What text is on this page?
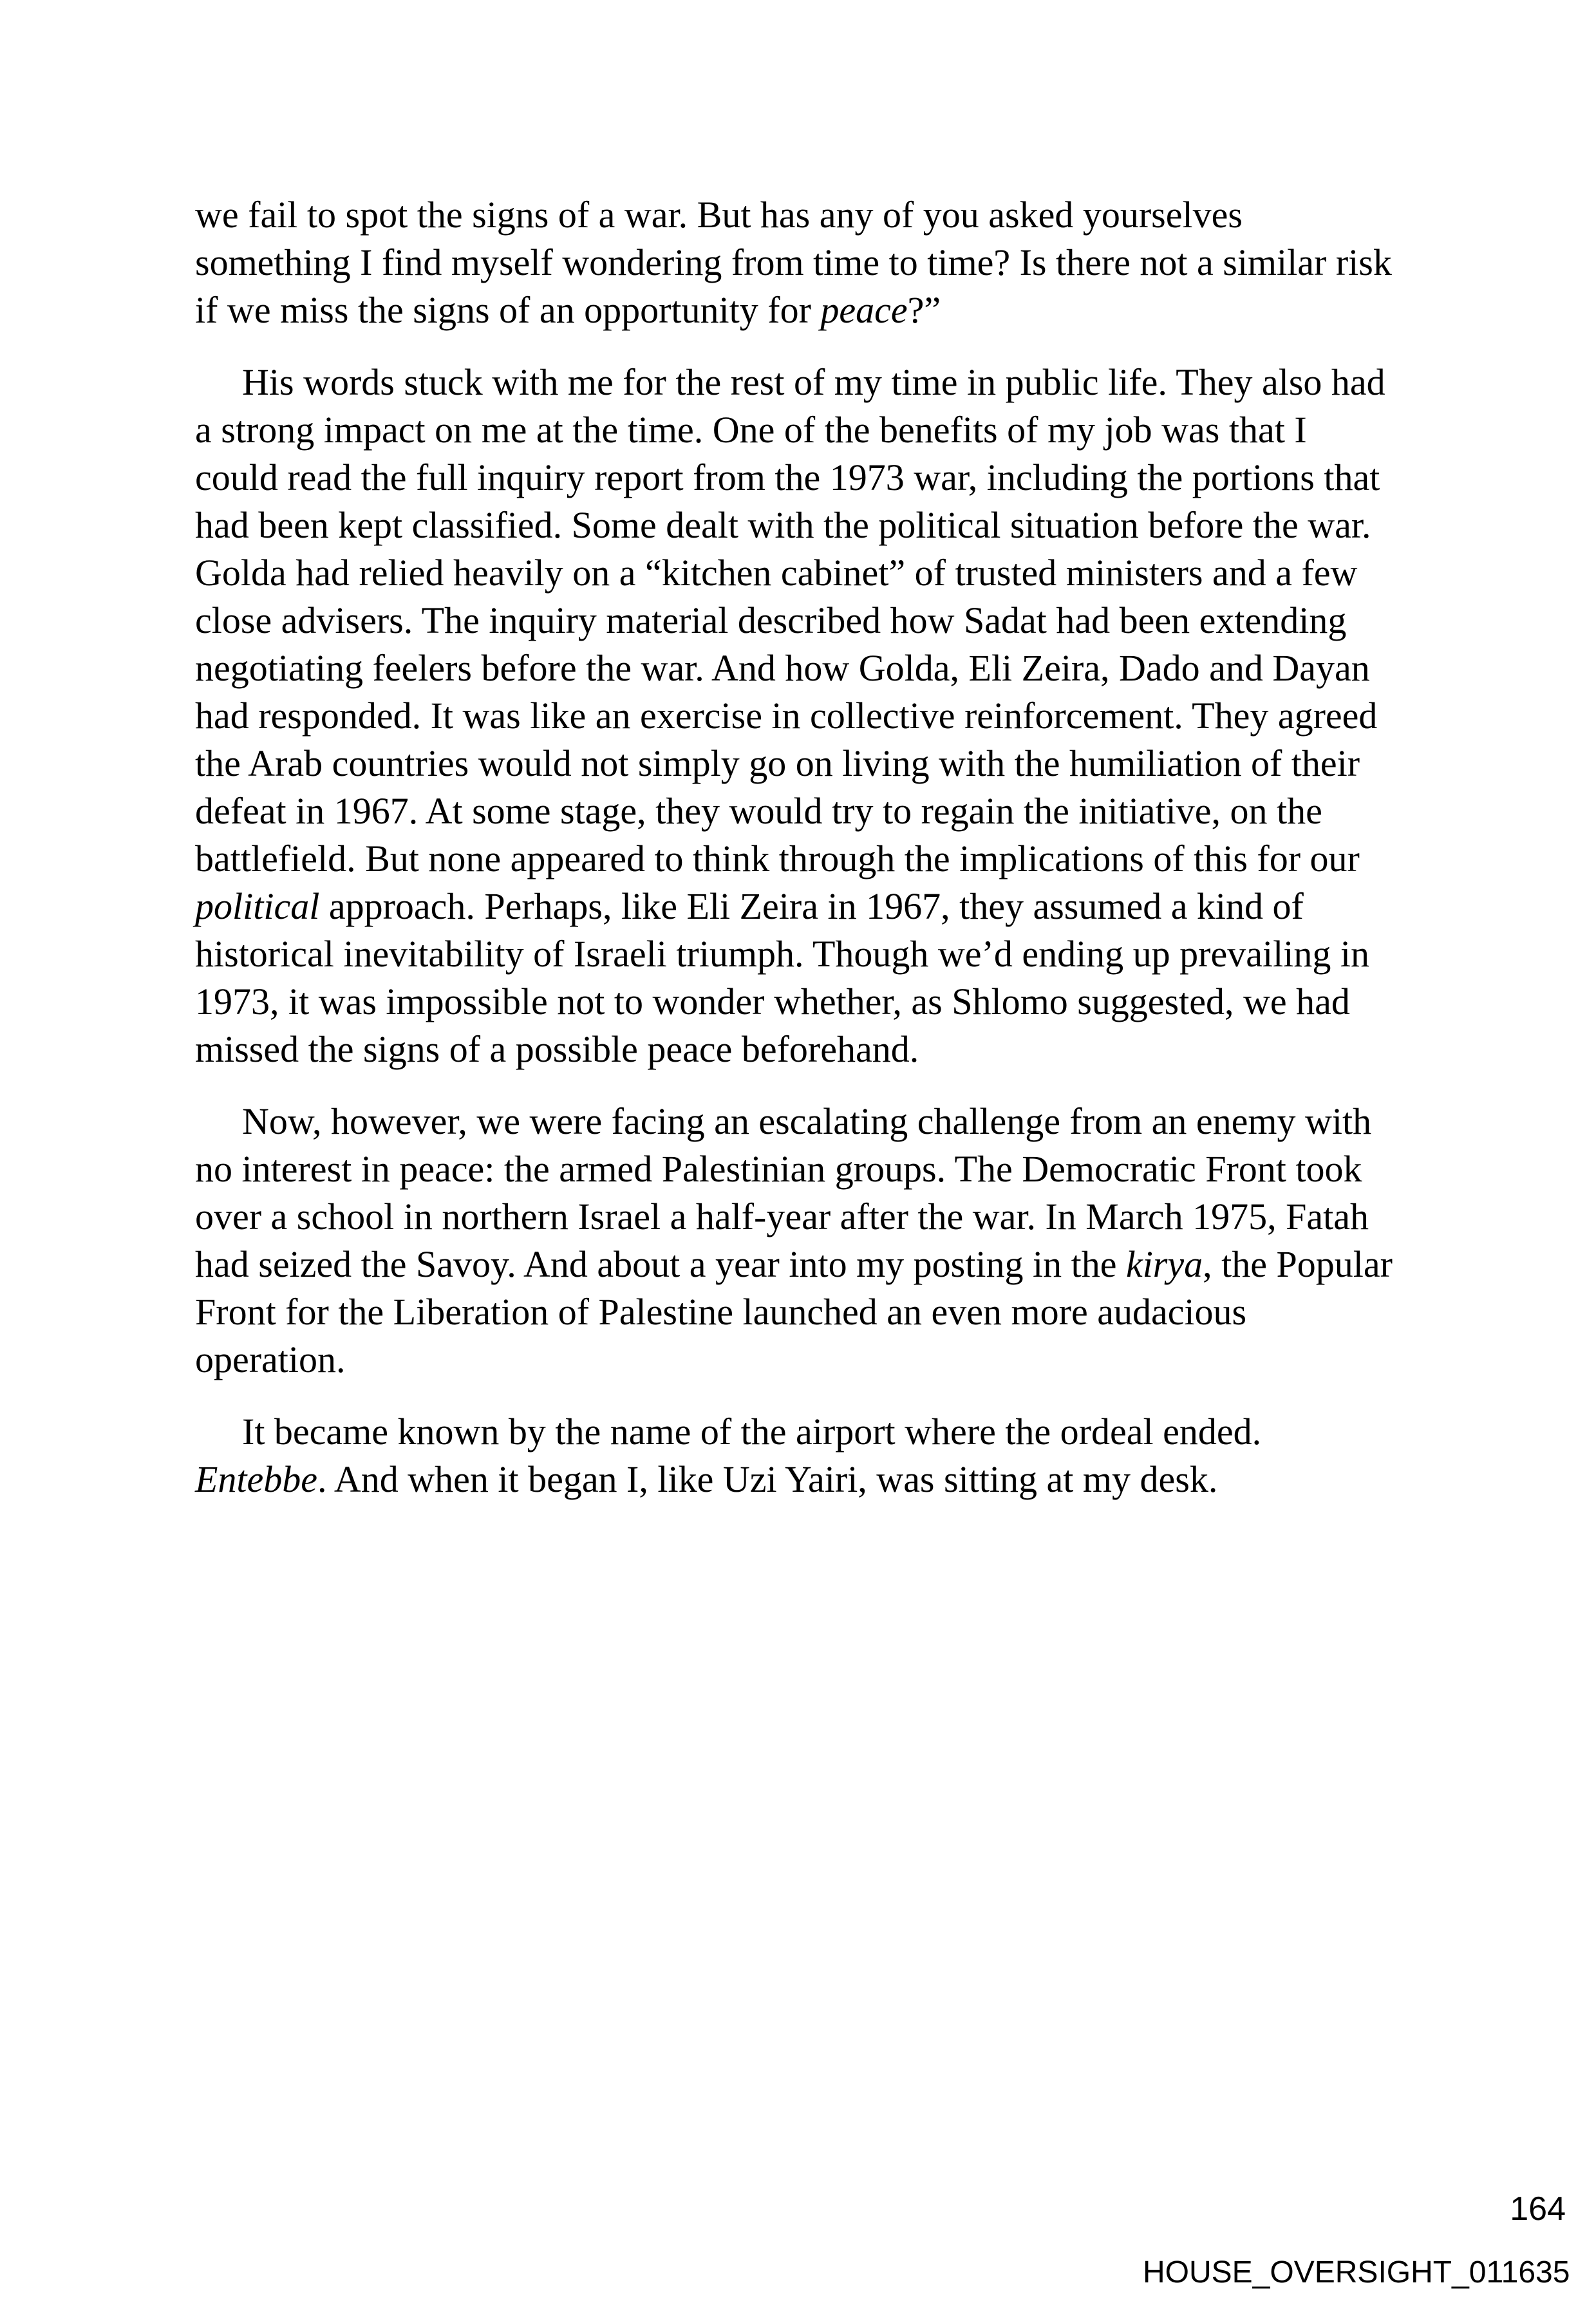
we fail to spot the signs of a war. But has any of you asked yourselves
something I find myself wondering from time to time? Is there not a similar risk
if we miss the signs of an opportunity for peace?”
His words stuck with me for the rest of my time in public life. They also had
a strong impact on me at the time. One of the benefits of my job was that I
could read the full inquiry report from the 1973 war, including the portions that
had been kept classified. Some dealt with the political situation before the war.
Golda had relied heavily on a “kitchen cabinet” of trusted ministers and a few
close advisers. The inquiry material described how Sadat had been extending
negotiating feelers before the war. And how Golda, Eli Zeira, Dado and Dayan
had responded. It was like an exercise in collective reinforcement. They agreed
the Arab countries would not simply go on living with the humiliation of their
defeat in 1967. At some stage, they would try to regain the initiative, on the
battlefield. But none appeared to think through the implications of this for our
political approach. Perhaps, like Eli Zeira in 1967, they assumed a kind of
historical inevitability of Israeli triumph. Though we’d ending up prevailing in
1973, it was impossible not to wonder whether, as Shlomo suggested, we had
missed the signs of a possible peace beforehand.
Now, however, we were facing an escalating challenge from an enemy with
no interest in peace: the armed Palestinian groups. The Democratic Front took
over a school in northern Israel a half-year after the war. In March 1975, Fatah
had seized the Savoy. And about a year into my posting in the kirya, the Popular
Front for the Liberation of Palestine launched an even more audacious
operation.
It became known by the name of the airport where the ordeal ended.
Entebbe. And when it began I, like Uzi Yairi, was sitting at my desk.
164
HOUSE_OVERSIGHT_011635
